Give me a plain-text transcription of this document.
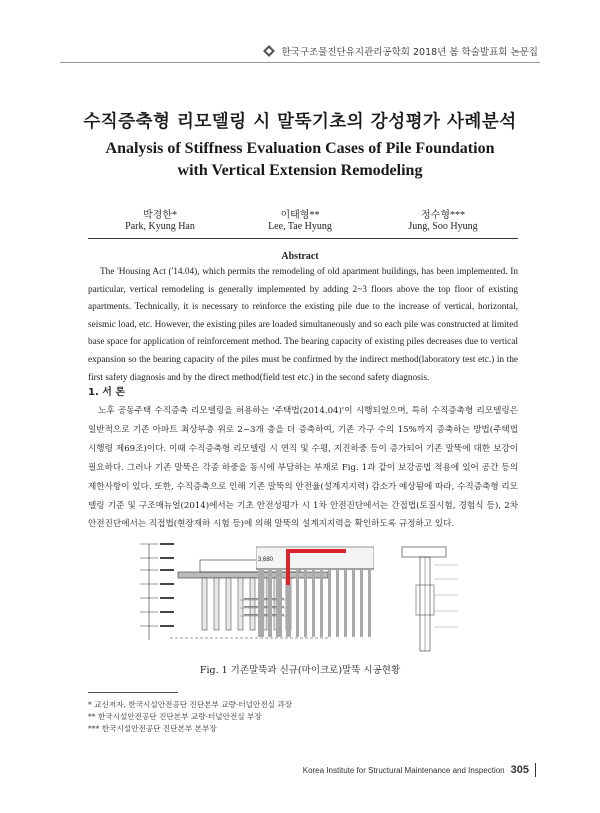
한국구조물진단유지관리공학회 2018년 봄 학술발표회 논문집
수직증축형 리모델링 시 말뚝기초의 강성평가 사례분석
Analysis of Stiffness Evaluation Cases of Pile Foundation
with Vertical Extension Remodeling
박경한*
Park, Kyung Han
이태형**
Lee, Tae Hyung
정수형***
Jung, Soo Hyung
Abstract

The 'Housing Act ('14.04), which permits the remodeling of old apartment buildings, has been implemented. In particular, vertical remodeling is generally implemented by adding 2~3 floors above the top floor of existing apartments. Technically, it is necessary to reinforce the existing pile due to the increase of vertical, horizontal, seismic load, etc. However, the existing piles are loaded simultaneously and so each pile was constructed at limited base space for application of reinforcement method. The bearing capacity of existing piles decreases due to vertical expansion so the bearing capacity of the piles must be confirmed by the indirect method(laboratory test etc.) in the first safety diagnosis and by the direct method(field test etc.) in the second safety diagnosis.

1. 서 론

노후 공동주택 수직증축 리모델링을 허용하는 '주택법(2014.04)'이 시행되었으며, 특히 수직증축형 리모델링은 일반적으로 기존 아파트 최상부층 위로 2~3개 층을 더 증축하여, 기존 가구 수의 15%까지 증축하는 방법(주택법 시행령 제69조)이다. 이때 수직증축형 리모델링 시 연직 및 수평, 지진하중 등이 증가되어 기존 말뚝에 대한 보강이 필요하다. 그러나 기존 말뚝은 각종 하중을 동시에 부담하는 부재로 Fig. 1과 같이 보강공법 적용에 있어 공간 등의 제한사항이 있다. 또한, 수직증축으로 인해 기존 말뚝의 안전율(설계지지력) 감소가 예상됨에 따라, 수직증축형 리모델링 기준 및 구조매뉴얼(2014)에서는 기초 안전성평가 시 1차 안전진단에서는 간접법(토질시험, 경험식 등), 2차 안전진단에서는 직접법(현장재하 시험 등)에 의해 말뚝의 설계지지력을 확인하도록 규정하고 있다.

3,680
Fig. 1 기존말뚝과 신규(마이크로)말뚝 시공현황
* 교신저자, 한국시설안전공단 진단본부 교량·터널안전실 과장
** 한국시설안전공단 진단본부 교량·터널안전실 부장
*** 한국시설안전공단 진단본부 본부장
Korea Institute for Structural Maintenance and Inspection 305
